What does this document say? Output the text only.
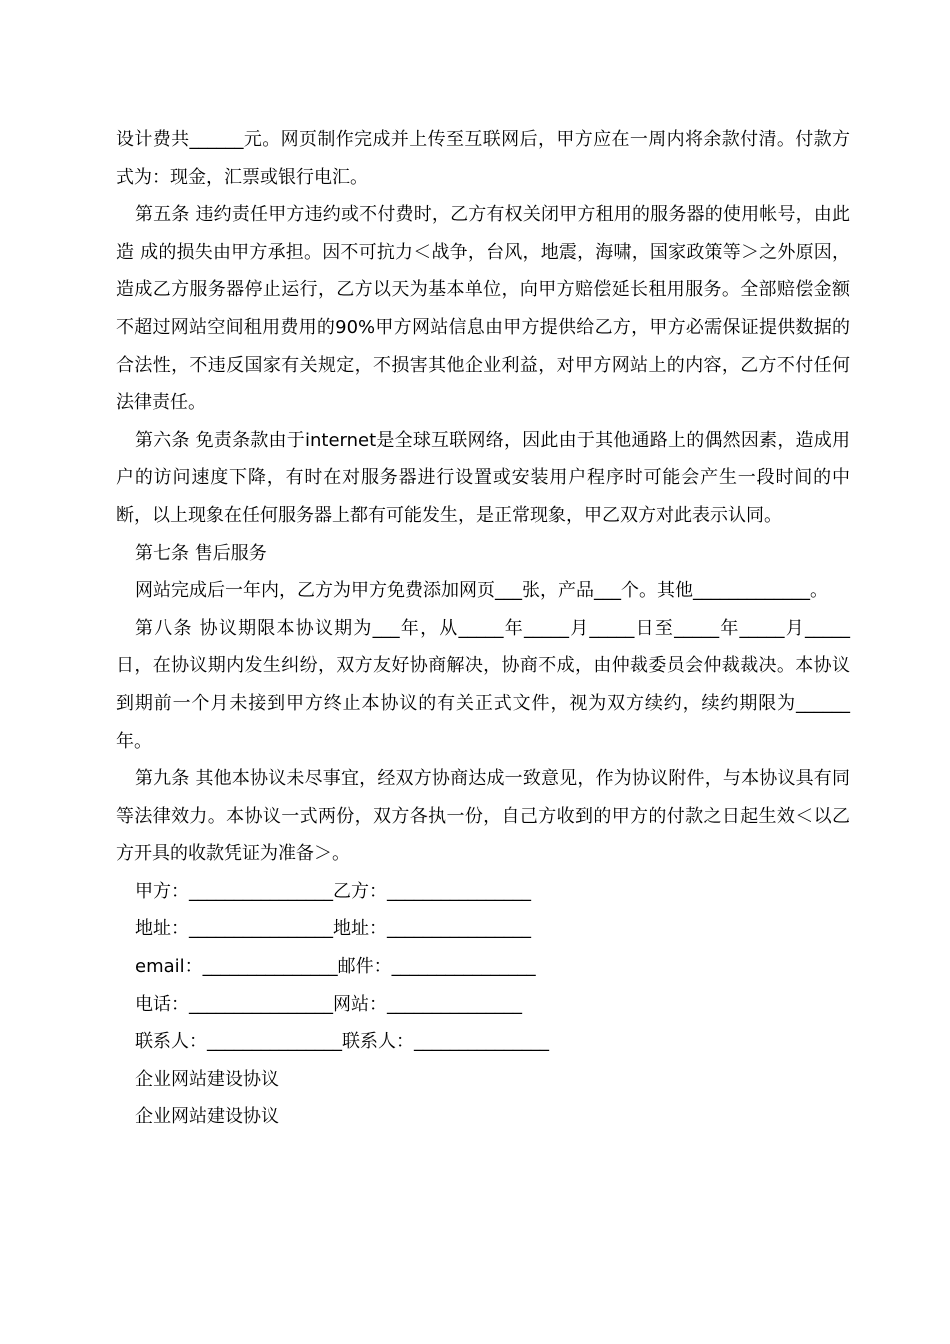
设计费共______元。网页制作完成并上传至互联网后，甲方应在一周内将余款付清。付款方式为：现金，汇票或银行电汇。

第五条 违约责任甲方违约或不付费时，乙方有权关闭甲方租用的服务器的使用帐号，由此造 成的损失由甲方承担。因不可抗力＜战争，台风，地震，海啸，国家政策等＞之外原因，造成乙方服务器停止运行，乙方以天为基本单位，向甲方赔偿延长租用服务。全部赔偿金额不超过网站空间租用费用的90%甲方网站信息由甲方提供给乙方，甲方必需保证提供数据的合法性，不违反国家有关规定，不损害其他企业利益，对甲方网站上的内容，乙方不付任何法律责任。

第六条 免责条款由于internet是全球互联网络，因此由于其他通路上的偶然因素，造成用户的访问速度下降，有时在对服务器进行设置或安装用户程序时可能会产生一段时间的中断，以上现象在任何服务器上都有可能发生，是正常现象，甲乙双方对此表示认同。

第七条 售后服务

网站完成后一年内，乙方为甲方免费添加网页___张，产品___个。其他_____________。

第八条 协议期限本协议期为___年，从_____年_____月_____日至_____年_____月_____日，在协议期内发生纠纷，双方友好协商解决，协商不成，由仲裁委员会仲裁裁决。本协议到期前一个月未接到甲方终止本协议的有关正式文件，视为双方续约，续约期限为______年。

第九条 其他本协议未尽事宜，经双方协商达成一致意见，作为协议附件，与本协议具有同等法律效力。本协议一式两份，双方各执一份，自己方收到的甲方的付款之日起生效＜以乙方开具的收款凭证为准备＞。

甲方：________________乙方：________________

地址：________________地址：________________

email：_______________邮件：________________

电话：________________网站：_______________

联系人：_______________联系人：_______________

企业网站建设协议

企业网站建设协议
